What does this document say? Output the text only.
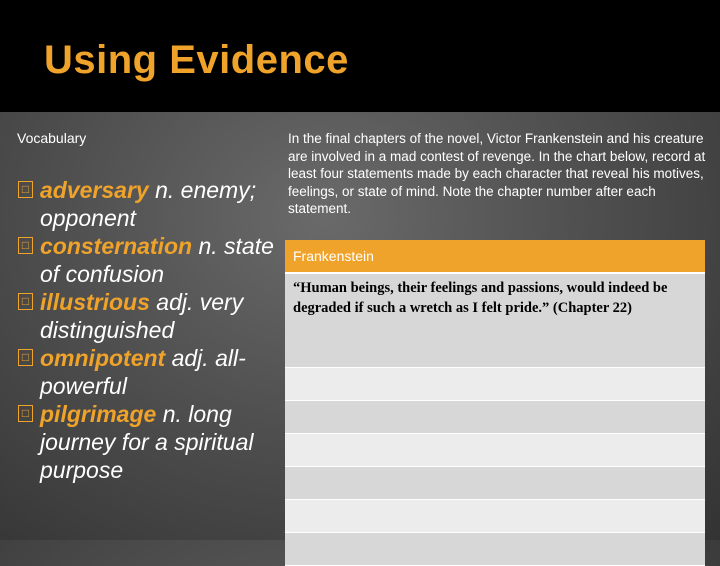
Using Evidence
Vocabulary
□ adversary n. enemy; opponent
□ consternation n. state of confusion
□ illustrious adj. very distinguished
□ omnipotent adj. all-powerful
□ pilgrimage n. long journey for a spiritual purpose
In the final chapters of the novel, Victor Frankenstein and his creature are involved in a mad contest of revenge. In the chart below, record at least four statements made by each character that reveal his motives, feelings, or state of mind. Note the chapter number after each statement.
Frankenstein
“Human beings, their feelings and passions, would indeed be degraded if such a wretch as I felt pride.” (Chapter 22)
